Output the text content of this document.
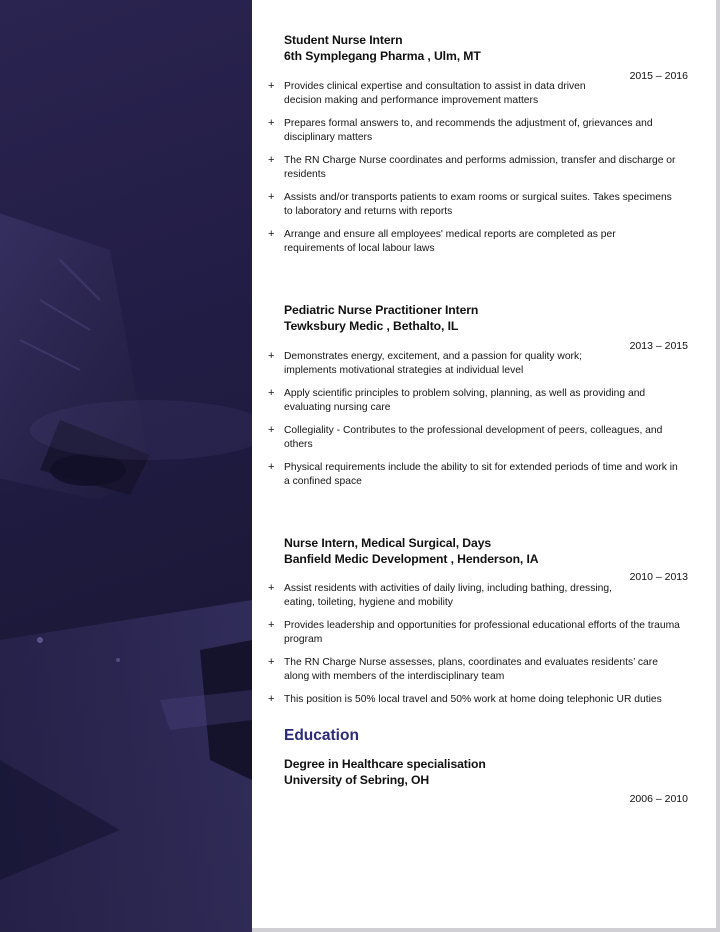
Student Nurse Intern
6th Symplegang Pharma , Ulm, MT
2015 – 2016
+ Provides clinical expertise and consultation to assist in data driven decision making and performance improvement matters
+ Prepares formal answers to, and recommends the adjustment of, grievances and disciplinary matters
+ The RN Charge Nurse coordinates and performs admission, transfer and discharge or residents
+ Assists and/or transports patients to exam rooms or surgical suites. Takes specimens to laboratory and returns with reports
+ Arrange and ensure all employees' medical reports are completed as per requirements of local labour laws
Pediatric Nurse Practitioner Intern
Tewksbury Medic , Bethalto, IL
2013 – 2015
+ Demonstrates energy, excitement, and a passion for quality work; implements motivational strategies at individual level
+ Apply scientific principles to problem solving, planning, as well as providing and evaluating nursing care
+ Collegiality - Contributes to the professional development of peers, colleagues, and others
+ Physical requirements include the ability to sit for extended periods of time and work in a confined space
Nurse Intern, Medical Surgical, Days
Banfield Medic Development , Henderson, IA
2010 – 2013
+ Assist residents with activities of daily living, including bathing, dressing, eating, toileting, hygiene and mobility
+ Provides leadership and opportunities for professional educational efforts of the trauma program
+ The RN Charge Nurse assesses, plans, coordinates and evaluates residents’ care along with members of the interdisciplinary team
+ This position is 50% local travel and 50% work at home doing telephonic UR duties
Education
Degree in Healthcare specialisation
University of Sebring, OH
2006 – 2010
